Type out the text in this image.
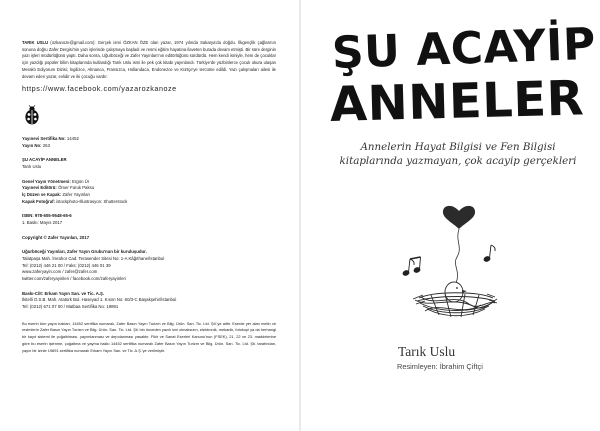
TARIK USLU (ozkanoze@gmail.com): Gerçek ismi ÖZKAN ÖZE olan yazar, 1974 yılında Sakarya'da doğdu. İlkgençlik çağlarının sonuna doğru Zafer Dergisi'nin yazı işlerinde çalışmaya başladı ve resmi eğitim hayatına ilaveten burada devam etmişti. Bir süre derginin yazı işleri müdürlüğünü yaptı. Daha sonra, Uğurböceği ve Zafer Yayınları'nın editörlüğünü sürdürdü. Hem kendi ismiyle, hem de çocuklar için yazdığı popüler bilim kitaplarında kullandığı Tarık Uslu ismi ile pek çok kitabı yayınlandı. Türkiye'de yüzbinlerce çocuk okura ulaşan Meraklı Ediyorum Dizisi; İngilizce, Almanca, Fransızca, Hollandaca, Endonezce ve Kürtçe'ye tercüme edildi. Yazı çalışmaları ailesi ile devam eden yazar, evlidir ve iki çocuğu vardır.
https://www.facebook.com/yazarozkanoze

Yayınevi Sertifika No: 14452

Yayın No: 263

ŞU ACAYİP ANNELER

Tarık Uslu

Genel Yayın Yönetmeni: Ergün Ür

Yayınevi Editörü: Ömer Faruk Paksu

İç Düzen ve Kapak: Zafer Yayınları

Kapak Fotoğraf: istockphoto-Illustrasyon: Shutterstock

ISBN: 978-605-9548-65-6

1. Baskı: Mayıs 2017

Copyright © Zafer Yayınları, 2017

Uğurböceği Yayınları, Zafer Yayın Grubu'nun bir kuruluşudur.

Talatpaşa Mah. İmrahor Cad. Terasender Sitesi No: 1-A Kâğıthane/İstanbul

Tel: (0212) 446 21 00 / Faks: (0212) 446 01 39

www.zaferyayin.com / zafer@zafer.com

twitter.com/zaferyayinleri / facebook.com/zaferyayinleri

Baskı-Cilt: Erkam Yayın San. ve Tic. A.Ş.

İkitelli O.S.B. Mah. Atatürk Bul. Haseyad 1. Kısım No: 60/3-C Başakşehir/İstanbul

Tel: (0212) 671 07 00 / Matbaa Sertifika No: 19891

Bu eserin tüm yayın hakları, 14452 sertifika numaralı, Zafer Basın Yayın Turizm ve Bilg. Ürün. San. Tic. Ltd. Şti.'ye aittir. Eserde yer alan metin ve resimlerin Zafer Basın Yayın Turizm ve Bilg. Ürün. San. Tic. Ltd. Şti.'nin önceden yazılı izni olmaksızın, elektronik, mekanik, fotokopi ya da herhangi bir kayıt sistemi ile çoğaltılması, yayımlanması ve depolanması yasaktır. Fikir ve Sanat Eserleri Kanunu'nun (FSEK), 21, 22 ve 23. maddelerine göre bu eserin işlenme, çoğaltma ve yayma hakkı 14452 sertifika numaralı Zafer Basın Yayın Turizm ve Bilg. Ürün. San. Tic. Ltd. Şti. tarafından, yayın bir izinle 19891 sertifika numaralı Erkam Yayın San. ve Tic. A.Ş.'ye verilmiştir.
ŞU ACAYİP
ANNELER
Annelerin Hayat Bilgisi ve Fen Bilgisi kitaplarında yazmayan, çok acayip gerçekleri
Tarık Uslu
Resimleyen: İbrahim Çiftçi
